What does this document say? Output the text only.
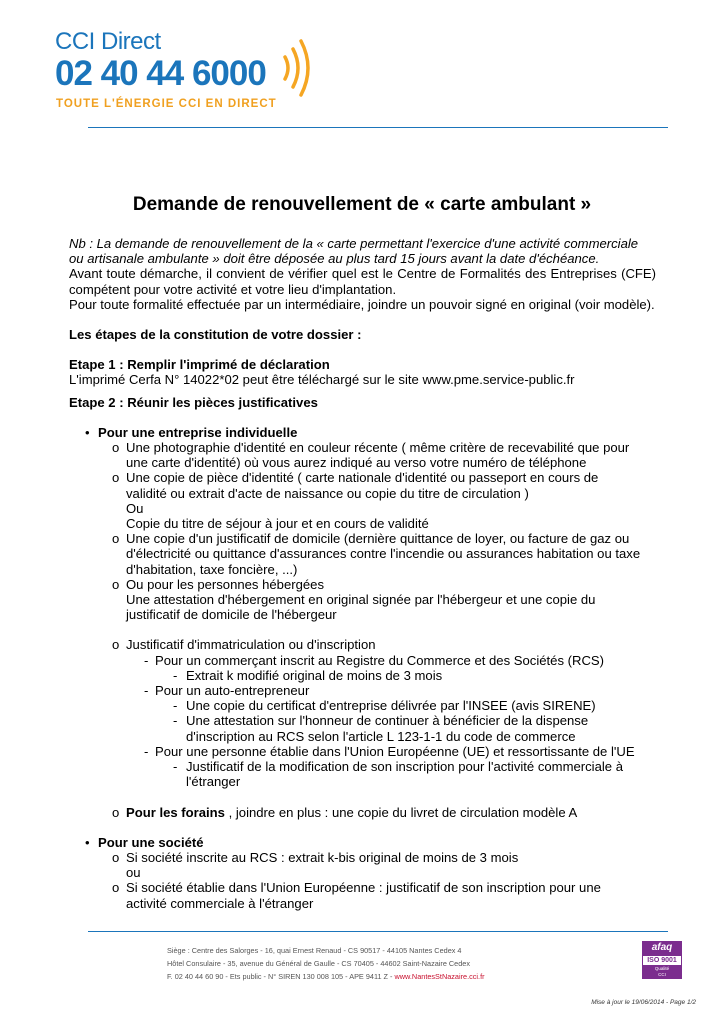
CCI Direct
02 40 44 6000
TOUTE L'ÉNERGIE CCI EN DIRECT
Demande de renouvellement de « carte ambulant »

Nb : La demande de renouvellement de la « carte permettant l'exercice d'une activité commerciale

ou artisanale ambulante » doit être déposée au plus tard 15 jours avant la date d'échéance.

Avant toute démarche, il convient de vérifier quel est le Centre de Formalités des Entreprises (CFE) compétent pour votre activité et votre lieu d'implantation.

Pour toute formalité effectuée par un intermédiaire, joindre un pouvoir signé en original (voir modèle).

Les étapes de la constitution de votre dossier :

Etape 1 : Remplir l'imprimé de déclaration

L'imprimé Cerfa N° 14022*02 peut être téléchargé sur le site www.pme.service-public.fr

Etape 2 : Réunir les pièces justificatives

• Pour une entreprise individuelle
o Une photographie d'identité en couleur récente ( même critère de recevabilité que pour

une carte d'identité) où vous aurez indiqué au verso votre numéro de téléphone

o Une copie de pièce d'identité ( carte nationale d'identité ou passeport en cours de

validité ou extrait d'acte de naissance ou copie du titre de circulation )

Ou

Copie du titre de séjour à jour et en cours de validité

o Une copie d'un justificatif de domicile (dernière quittance de loyer, ou facture de gaz ou

d'électricité ou quittance d'assurances contre l'incendie ou assurances habitation ou taxe

d'habitation, taxe foncière, ...)

o Ou pour les personnes hébergées

Une attestation d'hébergement en original signée par l'hébergeur et une copie du

justificatif de domicile de l'hébergeur

o Justificatif d'immatriculation ou d'inscription

- Pour un commerçant inscrit au Registre du Commerce et des Sociétés (RCS)

- Extrait k modifié original de moins de 3 mois

- Pour un auto-entrepreneur

- Une copie du certificat d'entreprise délivrée par l'INSEE (avis SIRENE)

- Une attestation sur l'honneur de continuer à bénéficier de la dispense

d'inscription au RCS selon l'article L 123-1-1 du code de commerce

- Pour une personne établie dans l'Union Européenne (UE) et ressortissante de l'UE

- Justificatif de la modification de son inscription pour l'activité commerciale à

l'étranger

o Pour les forains , joindre en plus : une copie du livret de circulation modèle A

• Pour une société
o Si société inscrite au RCS : extrait k-bis original de moins de 3 mois

ou

o Si société établie dans l'Union Européenne : justificatif de son inscription pour une

activité commerciale à l'étranger

Siège : Centre des Salorges - 16, quai Ernest Renaud - CS 90517 - 44105 Nantes Cedex 4
Hôtel Consulaire - 35, avenue du Général de Gaulle - CS 70405 - 44602 Saint-Nazaire Cedex
F. 02 40 44 60 90 - Ets public - N° SIREN 130 008 105 - APE 9411 Z - www.NantesStNazaire.cci.fr
afaq
ISO 9001
Qualité
CCI ENTREPRISES
Mise à jour le 19/06/2014 - Page 1/2
